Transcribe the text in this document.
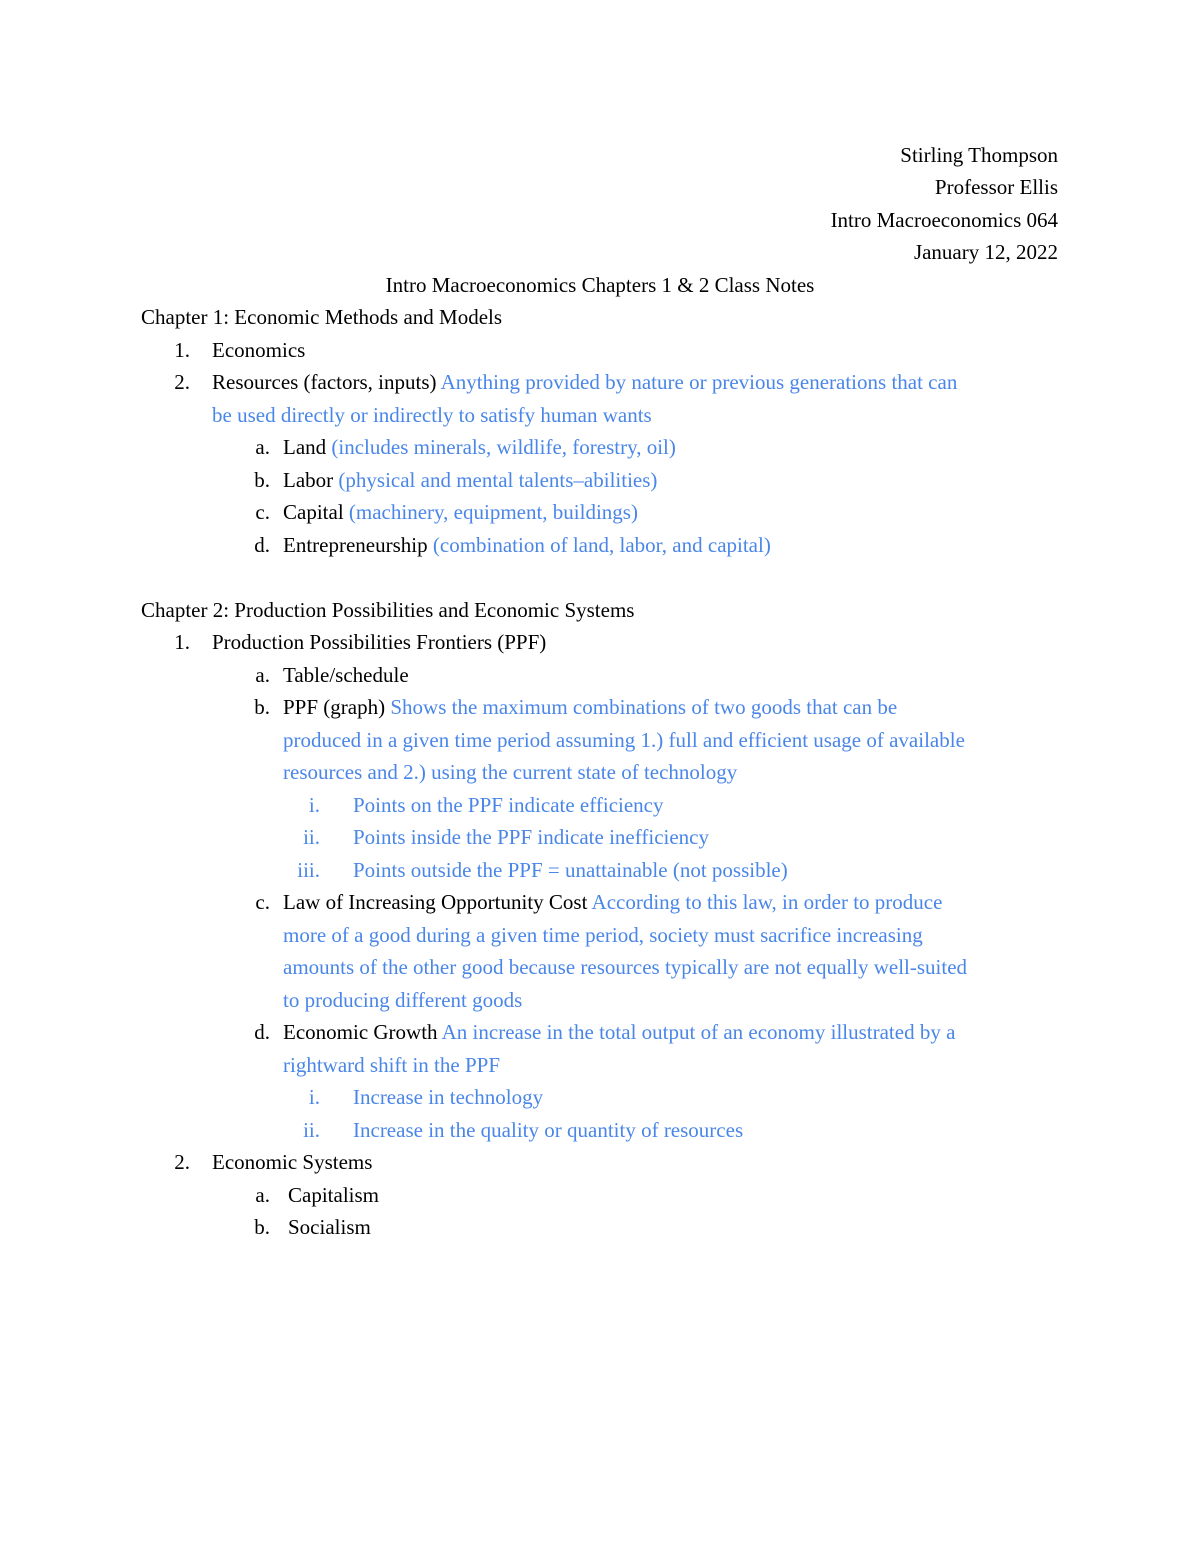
Stirling Thompson
Professor Ellis
Intro Macroeconomics 064
January 12, 2022
Intro Macroeconomics Chapters 1 & 2 Class Notes
Chapter 1: Economic Methods and Models
1. Economics
2. Resources (factors, inputs) Anything provided by nature or previous generations that can
be used directly or indirectly to satisfy human wants
a. Land (includes minerals, wildlife, forestry, oil)
b. Labor (physical and mental talents–abilities)
c. Capital (machinery, equipment, buildings)
d. Entrepreneurship (combination of land, labor, and capital)
Chapter 2: Production Possibilities and Economic Systems
1. Production Possibilities Frontiers (PPF)
a. Table/schedule
b. PPF (graph) Shows the maximum combinations of two goods that can be
produced in a given time period assuming 1.) full and efficient usage of available
resources and 2.) using the current state of technology
i. Points on the PPF indicate efficiency
ii. Points inside the PPF indicate inefficiency
iii. Points outside the PPF = unattainable (not possible)
c. Law of Increasing Opportunity Cost According to this law, in order to produce
more of a good during a given time period, society must sacrifice increasing
amounts of the other good because resources typically are not equally well-suited
to producing different goods
d. Economic Growth An increase in the total output of an economy illustrated by a
rightward shift in the PPF
i. Increase in technology
ii. Increase in the quality or quantity of resources
2. Economic Systems
a. Capitalism
b. Socialism
